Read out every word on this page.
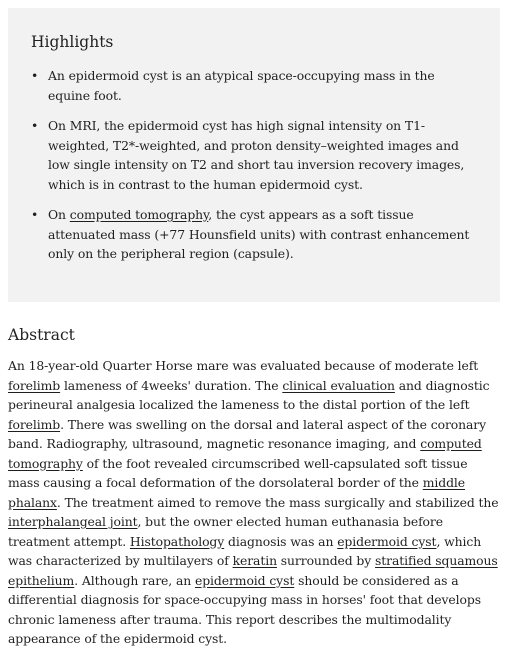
Highlights
• An epidermoid cyst is an atypical space-occupying mass in the equine foot.
• On MRI, the epidermoid cyst has high signal intensity on T1-weighted, T2*-weighted, and proton density–weighted images and low single intensity on T2 and short tau inversion recovery images, which is in contrast to the human epidermoid cyst.
• On computed tomography, the cyst appears as a soft tissue attenuated mass (+77 Hounsfield units) with contrast enhancement only on the peripheral region (capsule).
Abstract

An 18-year-old Quarter Horse mare was evaluated because of moderate left forelimb lameness of 4weeks' duration. The clinical evaluation and diagnostic perineural analgesia localized the lameness to the distal portion of the left forelimb. There was swelling on the dorsal and lateral aspect of the coronary band. Radiography, ultrasound, magnetic resonance imaging, and computed tomography of the foot revealed circumscribed well-capsulated soft tissue mass causing a focal deformation of the dorsolateral border of the middle phalanx. The treatment aimed to remove the mass surgically and stabilized the interphalangeal joint, but the owner elected human euthanasia before treatment attempt. Histopathology diagnosis was an epidermoid cyst, which was characterized by multilayers of keratin surrounded by stratified squamous epithelium. Although rare, an epidermoid cyst should be considered as a differential diagnosis for space-occupying mass in horses' foot that develops chronic lameness after trauma. This report describes the multimodality appearance of the epidermoid cyst.
